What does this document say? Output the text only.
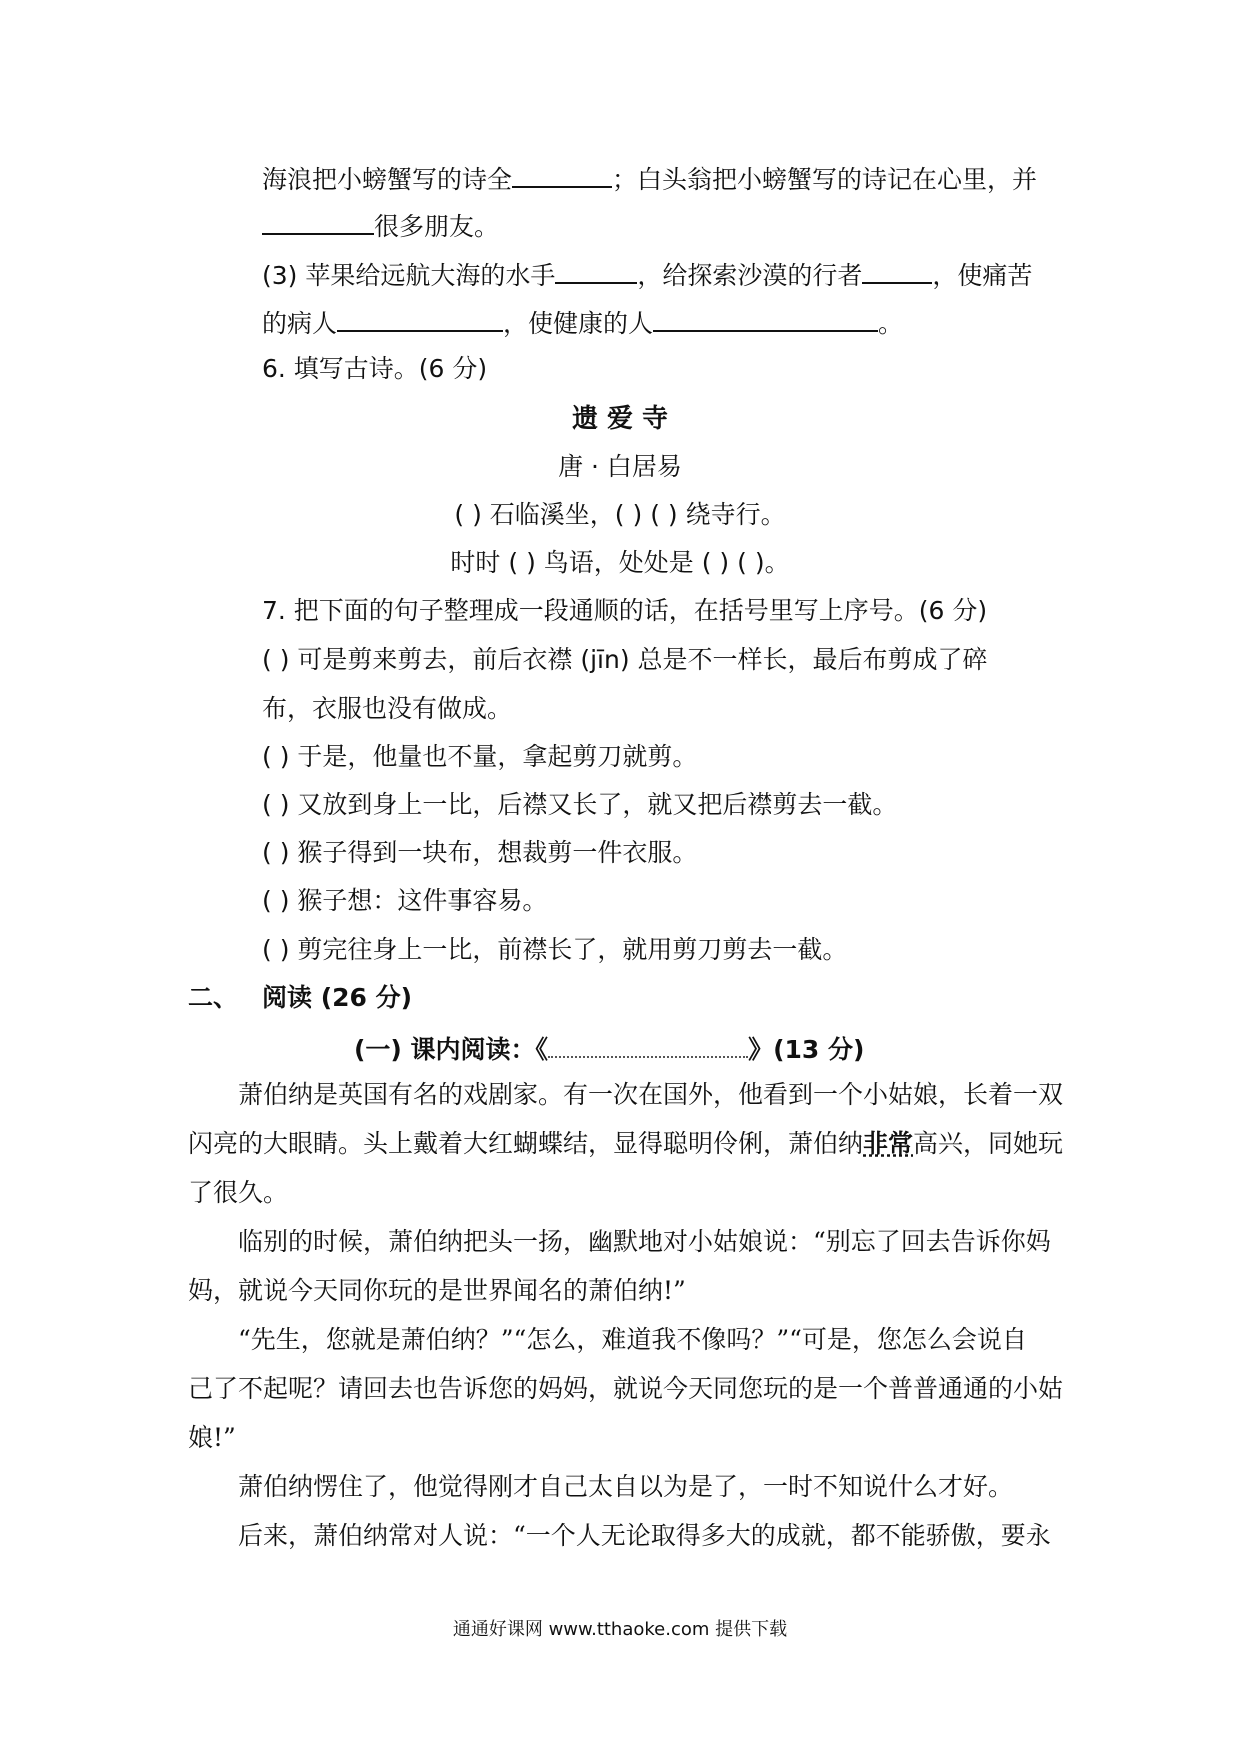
海浪把小螃蟹写的诗全	；白头翁把小螃蟹写的诗记在心里，并
很多朋友。
(3) 苹果给远航大海的水手	，给探索沙漠的行者	，使痛苦
的病人	，使健康的人	。
6. 填写古诗。(6 分)
遗 爱 寺
唐 · 白居易
( ) 石临溪坐，( ) ( ) 绕寺行。
时时 ( ) 鸟语，处处是 ( ) ( )。
7. 把下面的句子整理成一段通顺的话，在括号里写上序号。(6 分)
( ) 可是剪来剪去，前后衣襟 (jīn) 总是不一样长，最后布剪成了碎
布，衣服也没有做成。
( ) 于是，他量也不量，拿起剪刀就剪。
( ) 又放到身上一比，后襟又长了，就又把后襟剪去一截。
( ) 猴子得到一块布，想裁剪一件衣服。
( ) 猴子想：这件事容易。
( ) 剪完往身上一比，前襟长了，就用剪刀剪去一截。
二、 阅读 (26 分)
(一) 课内阅读：《	》(13 分)
萧伯纳是英国有名的戏剧家。有一次在国外，他看到一个小姑娘，长着一双
闪亮的大眼睛。头上戴着大红蝴蝶结，显得聪明伶俐，萧伯纳非常高兴，同她玩
了很久。
临别的时候，萧伯纳把头一扬，幽默地对小姑娘说：“别忘了回去告诉你妈
妈，就说今天同你玩的是世界闻名的萧伯纳!”
“先生，您就是萧伯纳？”“怎么，难道我不像吗？”“可是，您怎么会说自
己了不起呢？请回去也告诉您的妈妈，就说今天同您玩的是一个普普通通的小姑
娘!”
萧伯纳愣住了，他觉得刚才自己太自以为是了，一时不知说什么才好。
后来，萧伯纳常对人说：“一个人无论取得多大的成就，都不能骄傲，要永
通通好课网 www.tthaoke.com 提供下载
